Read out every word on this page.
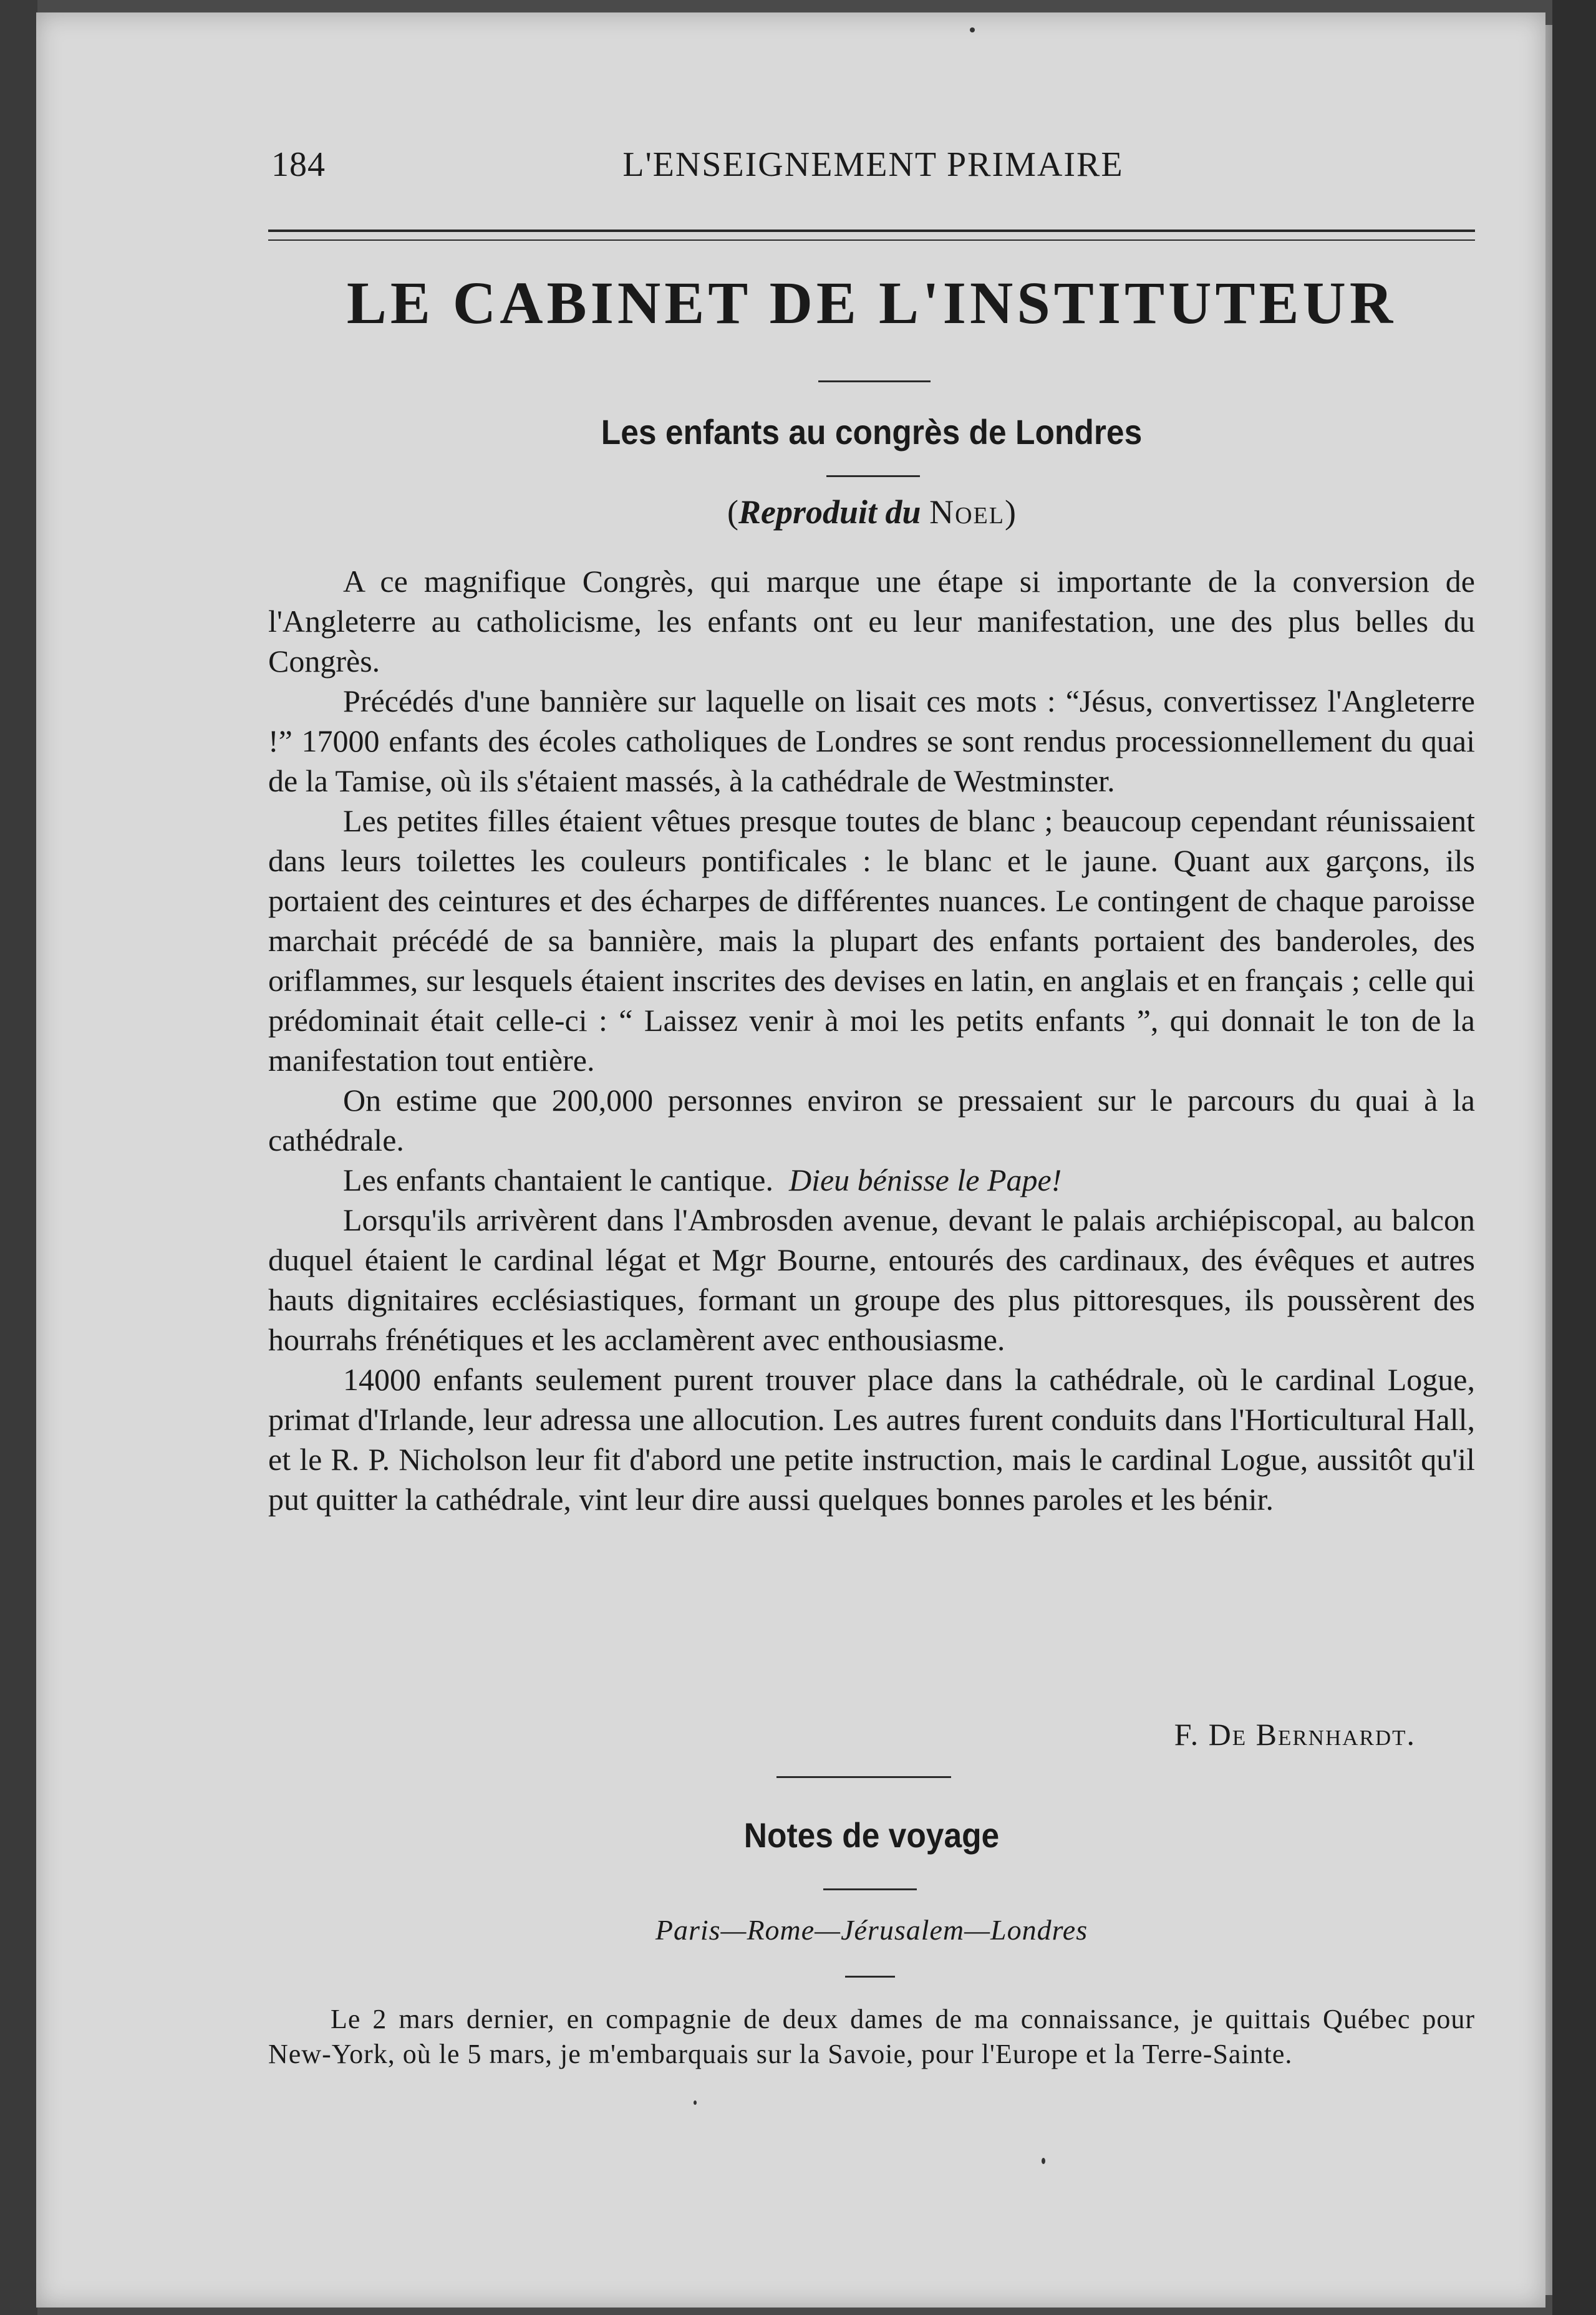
184	L'ENSEIGNEMENT PRIMAIRE
LE CABINET DE L'INSTITUTEUR
Les enfants au congrès de Londres
(Reproduit du Noel)

A ce magnifique Congrès, qui marque une étape si importante de la conversion de l'Angleterre au catholicisme, les enfants ont eu leur manifestation, une des plus belles du Congrès.

Précédés d'une bannière sur laquelle on lisait ces mots : “Jésus, convertissez l'Angleterre !” 17000 enfants des écoles catholiques de Londres se sont rendus processionnellement du quai de la Tamise, où ils s'étaient massés, à la cathédrale de Westminster.

Les petites filles étaient vêtues presque toutes de blanc ; beaucoup cependant réunissaient dans leurs toilettes les couleurs pontificales : le blanc et le jaune. Quant aux garçons, ils portaient des ceintures et des écharpes de différentes nuances. Le contingent de chaque paroisse marchait précédé de sa bannière, mais la plupart des enfants portaient des banderoles, des oriflammes, sur lesquels étaient inscrites des devises en latin, en anglais et en français ; celle qui prédominait était celle-ci : “ Laissez venir à moi les petits enfants ”, qui donnait le ton de la manifestation tout entière.

On estime que 200,000 personnes environ se pressaient sur le parcours du quai à la cathédrale.

Les enfants chantaient le cantique. Dieu bénisse le Pape!

Lorsqu'ils arrivèrent dans l'Ambrosden avenue, devant le palais archiépiscopal, au balcon duquel étaient le cardinal légat et Mgr Bourne, entourés des cardinaux, des évêques et autres hauts dignitaires ecclésiastiques, formant un groupe des plus pittoresques, ils poussèrent des hourrahs frénétiques et les acclamèrent avec enthousiasme.

14000 enfants seulement purent trouver place dans la cathédrale, où le cardinal Logue, primat d'Irlande, leur adressa une allocution. Les autres furent conduits dans l'Horticultural Hall, et le R. P. Nicholson leur fit d'abord une petite instruction, mais le cardinal Logue, aussitôt qu'il put quitter la cathédrale, vint leur dire aussi quelques bonnes paroles et les bénir.

F. De Bernhardt.
Notes de voyage
Paris—Rome—Jérusalem—Londres

Le 2 mars dernier, en compagnie de deux dames de ma connaissance, je quittais Québec pour New-York, où le 5 mars, je m'embarquais sur la Savoie, pour l'Europe et la Terre-Sainte.
